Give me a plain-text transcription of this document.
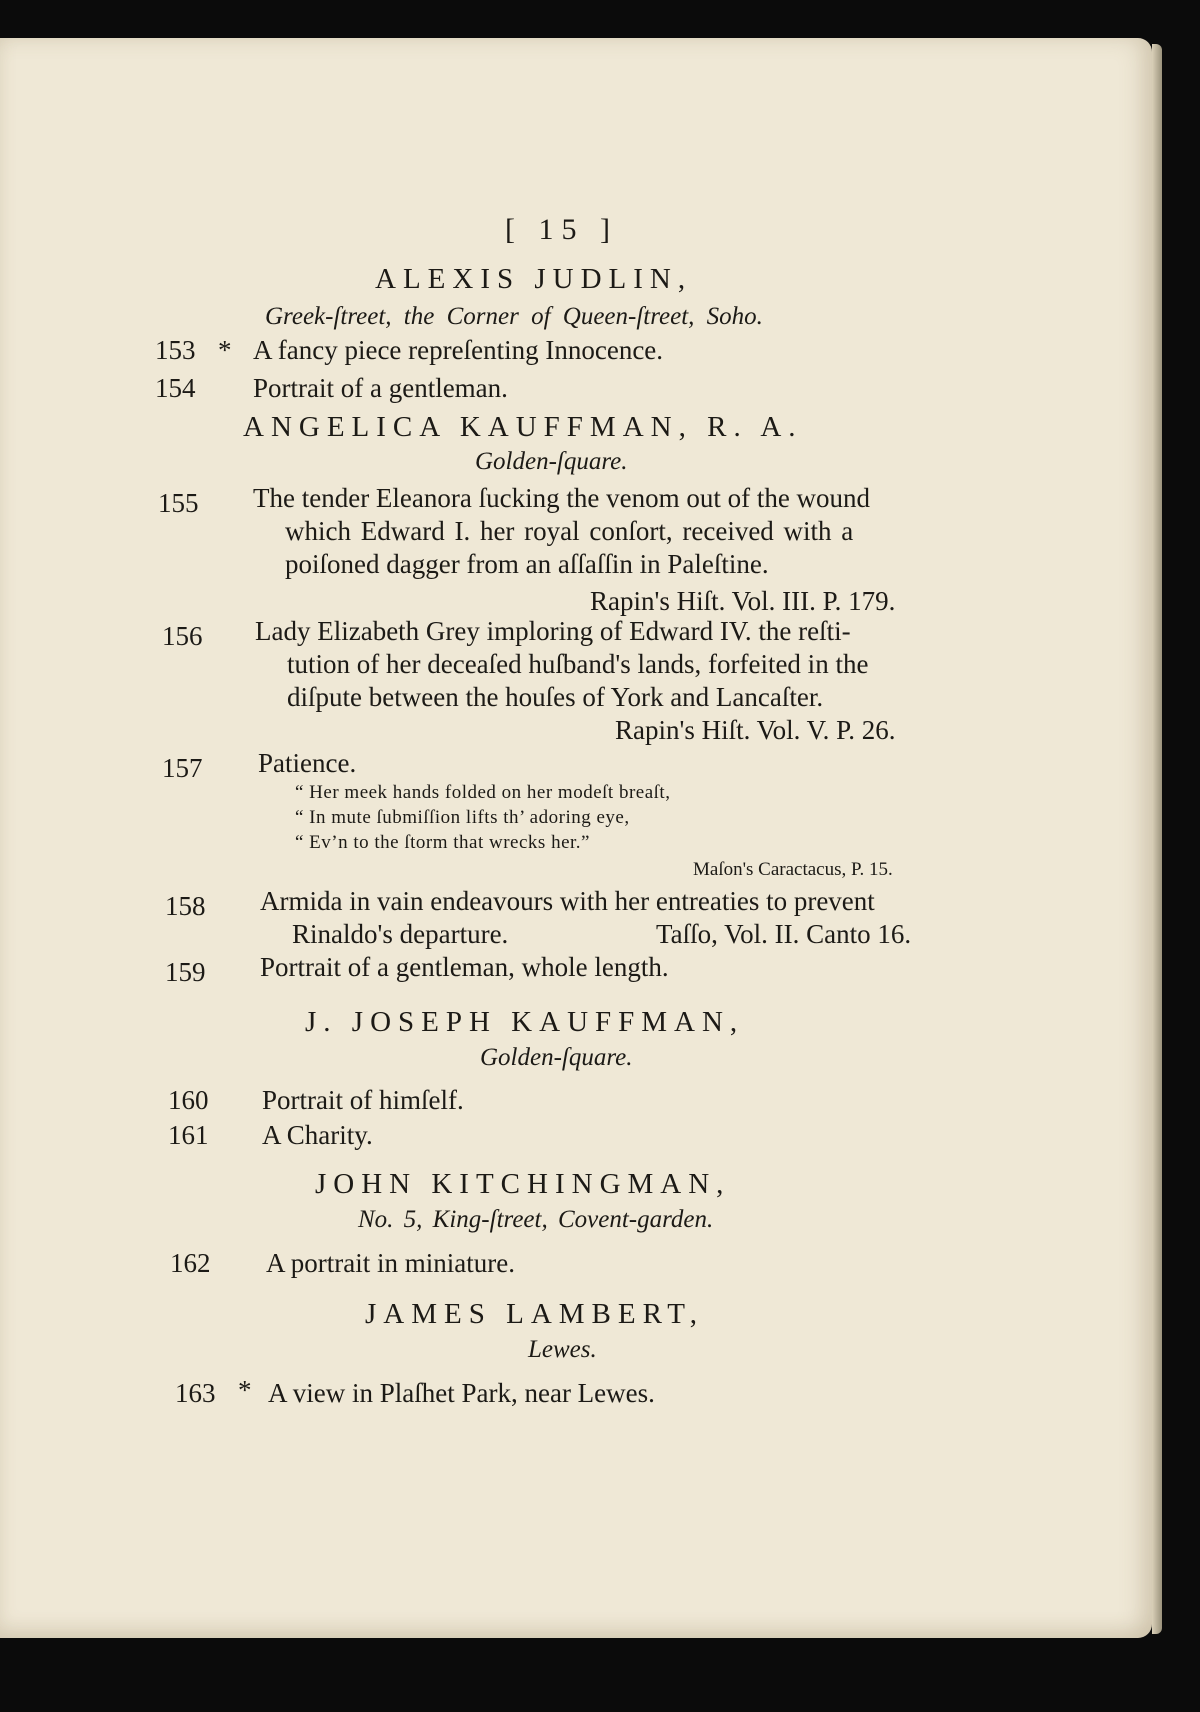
[ 15 ]
ALEXIS JUDLIN,
Greek-ſtreet, the Corner of Queen-ſtreet, Soho.
153 * A fancy piece repreſenting Innocence.
154 Portrait of a gentleman.
ANGELICA KAUFFMAN, R. A.
Golden-ſquare.
155 The tender Eleanora ſucking the venom out of the wound
which Edward I. her royal conſort, received with a
poiſoned dagger from an aſſaſſin in Paleſtine.
Rapin's Hiſt. Vol. III. P. 179.
156 Lady Elizabeth Grey imploring of Edward IV. the reſti-
tution of her deceaſed huſband's lands, forfeited in the
diſpute between the houſes of York and Lancaſter.
Rapin's Hiſt. Vol. V. P. 26.
157 Patience.
“ Her meek hands folded on her modeſt breaſt,
“ In mute ſubmiſſion lifts th’ adoring eye,
“ Ev’n to the ſtorm that wrecks her.”
Maſon's Caractacus, P. 15.
158 Armida in vain endeavours with her entreaties to prevent
Rinaldo's departure.	Taſſo, Vol. II. Canto 16.
159 Portrait of a gentleman, whole length.
J. JOSEPH KAUFFMAN,
Golden-ſquare.
160 Portrait of himſelf.
161 A Charity.
JOHN KITCHINGMAN,
No. 5, King-ſtreet, Covent-garden.
162 A portrait in miniature.
JAMES LAMBERT,
Lewes.
163 * A view in Plaſhet Park, near Lewes.
